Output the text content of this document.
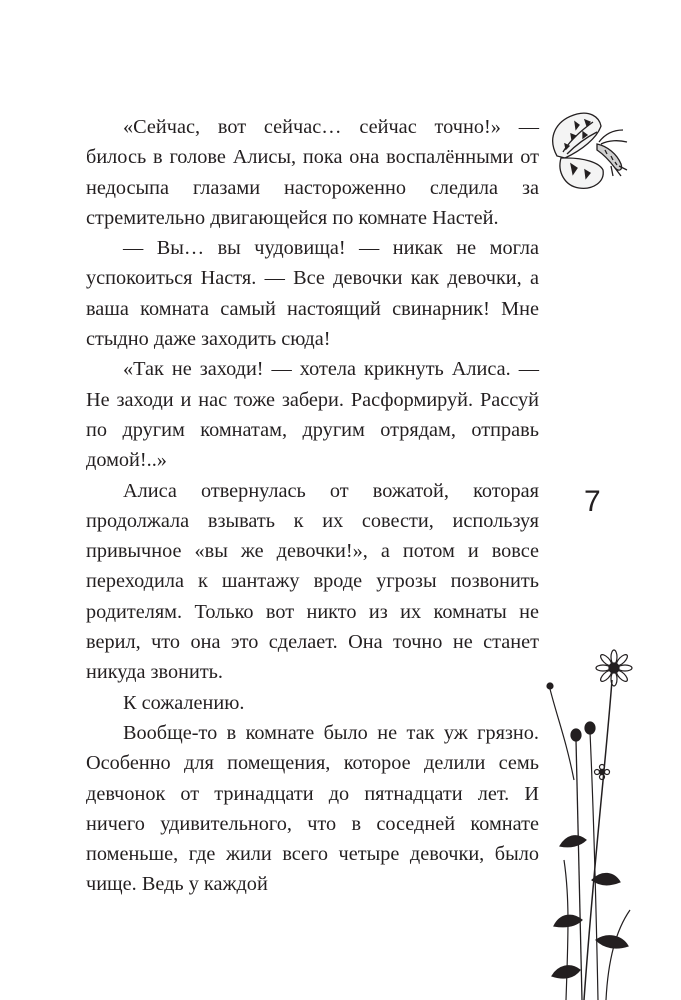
«Сейчас, вот сейчас… сейчас точно!» — билось в голове Алисы, пока она воспалёнными от недосыпа глазами настороженно следила за стремительно двигающейся по комнате Настей.

— Вы… вы чудовища! — никак не могла успокоиться Настя. — Все девочки как девочки, а ваша комната самый настоящий свинарник! Мне стыдно даже заходить сюда!

«Так не заходи! — хотела крикнуть Алиса. — Не заходи и нас тоже забери. Расформируй. Рассуй по другим комнатам, другим отрядам, отправь домой!..»

Алиса отвернулась от вожатой, которая продолжала взывать к их совести, используя привычное «вы же девочки!», а потом и вовсе переходила к шантажу вроде угрозы позвонить родителям. Только вот никто из их комнаты не верил, что она это сделает. Она точно не станет никуда звонить.

К сожалению.

Вообще-то в комнате было не так уж грязно. Особенно для помещения, которое делили семь девчонок от тринадцати до пятнадцати лет. И ничего удивительного, что в соседней комнате поменьше, где жили всего четыре девочки, было чище. Ведь у каждой

7
